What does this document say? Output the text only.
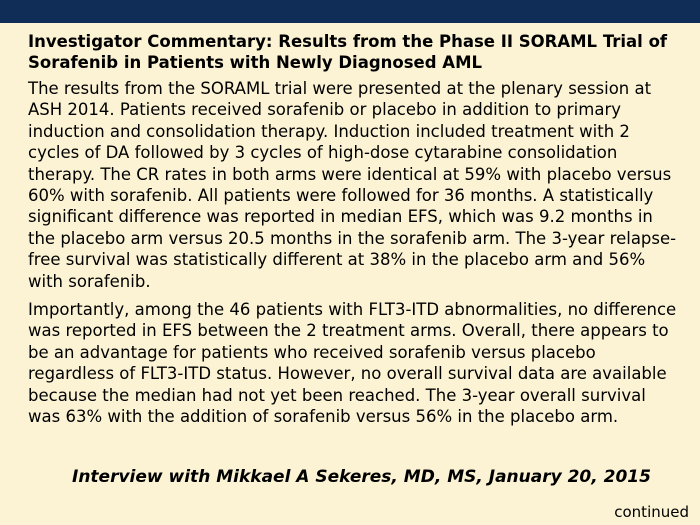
Investigator Commentary: Results from the Phase II SORAML Trial of Sorafenib in Patients with Newly Diagnosed AML

The results from the SORAML trial were presented at the plenary session at ASH 2014. Patients received sorafenib or placebo in addition to primary induction and consolidation therapy. Induction included treatment with 2 cycles of DA followed by 3 cycles of high-dose cytarabine consolidation therapy. The CR rates in both arms were identical at 59% with placebo versus 60% with sorafenib. All patients were followed for 36 months. A statistically significant difference was reported in median EFS, which was 9.2 months in the placebo arm versus 20.5 months in the sorafenib arm. The 3-year relapse-free survival was statistically different at 38% in the placebo arm and 56% with sorafenib.

Importantly, among the 46 patients with FLT3-ITD abnormalities, no difference was reported in EFS between the 2 treatment arms. Overall, there appears to be an advantage for patients who received sorafenib versus placebo regardless of FLT3-ITD status. However, no overall survival data are available because the median had not yet been reached. The 3-year overall survival was 63% with the addition of sorafenib versus 56% in the placebo arm.

Interview with Mikkael A Sekeres, MD, MS, January 20, 2015
continued
